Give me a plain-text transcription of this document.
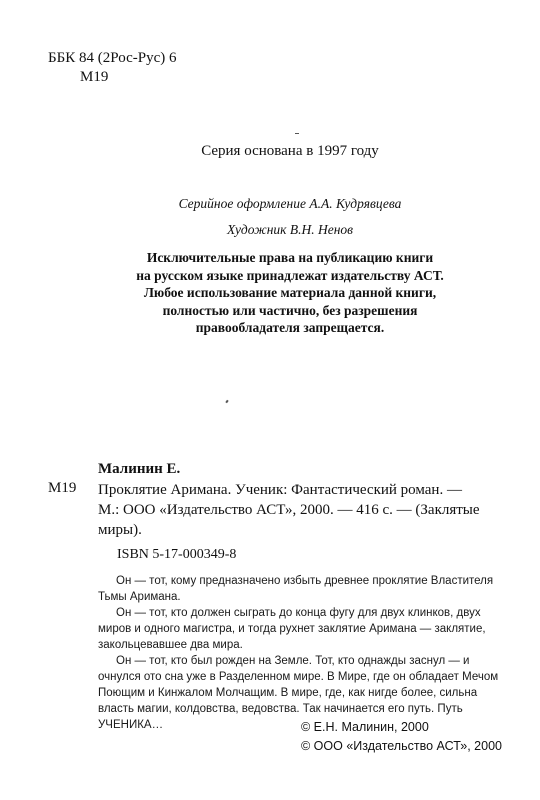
ББК 84 (2Рос-Рус) 6
М19
Серия основана в 1997 году
Серийное оформление А.А. Кудрявцева
Художник В.Н. Ненов
Исключительные права на публикацию книги
на русском языке принадлежат издательству АСТ.
Любое использование материала данной книги,
полностью или частично, без разрешения
правообладателя запрещается.
Малинин Е.
М19 Проклятие Аримана. Ученик: Фантастический роман. —
М.: ООО «Издательство АСТ», 2000. — 416 с. — (Заклятые
миры).
ISBN 5-17-000349-8
Он — тот, кому предназначено избыть древнее проклятие Властителя
Тьмы Аримана.
Он — тот, кто должен сыграть до конца фугу для двух клинков, двух
миров и одного магистра, и тогда рухнет заклятие Аримана — заклятие,
закольцевавшее два мира.
Он — тот, кто был рожден на Земле. Тот, кто однажды заснул — и
очнулся ото сна уже в Разделенном мире. В Мире, где он обладает Мечом
Поющим и Кинжалом Молчащим. В мире, где, как нигде более, сильна
власть магии, колдовства, ведовства. Так начинается его путь. Путь
УЧЕНИКА…	© Е.Н. Малинин, 2000
© ООО «Издательство АСТ», 2000
